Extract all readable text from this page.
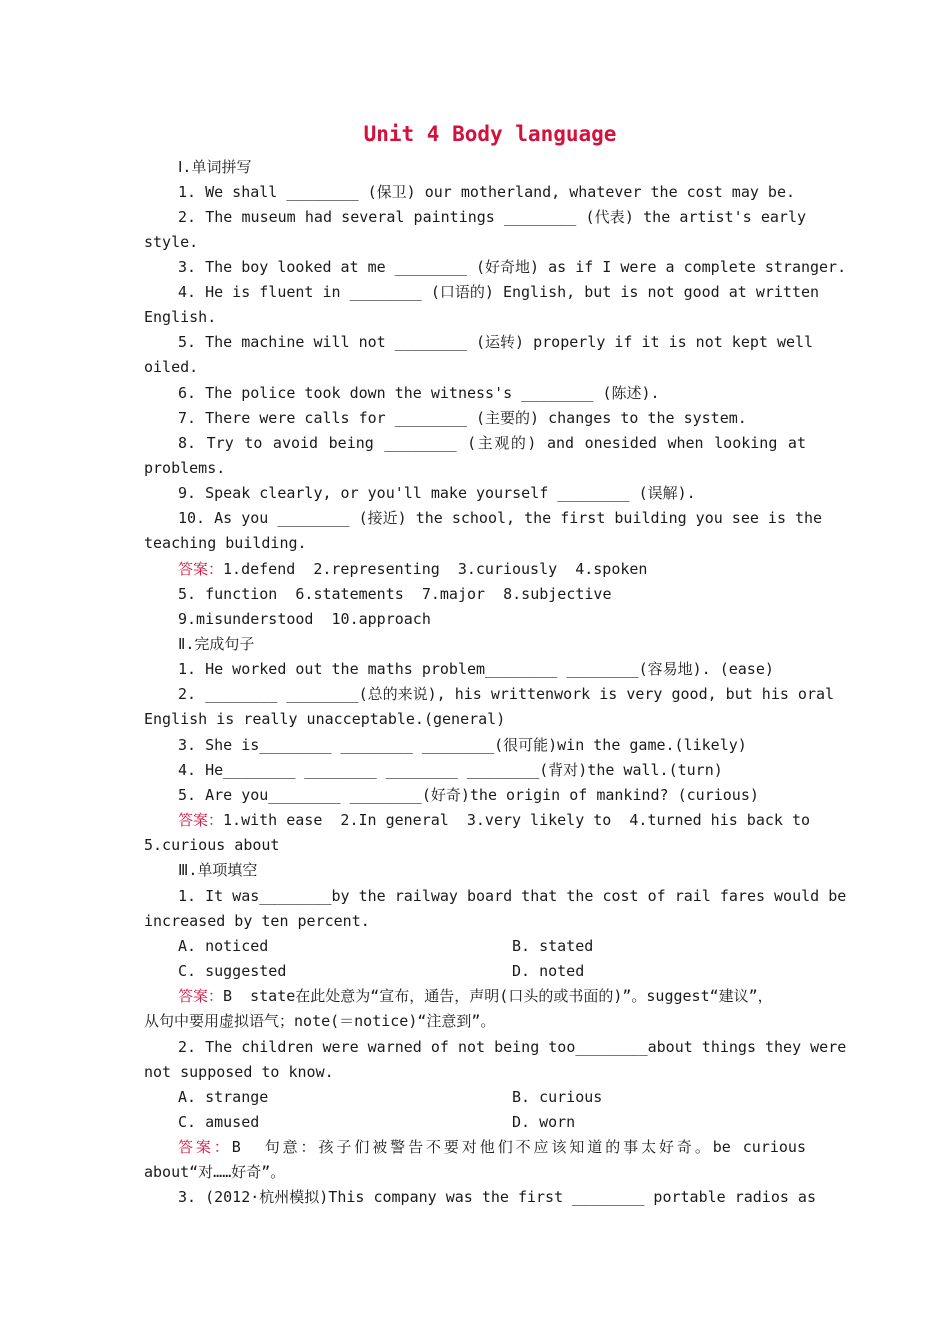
Unit 4 Body language
Ⅰ.单词拼写
1. We shall ________ (保卫) our motherland, whatever the cost may be.
2. The museum had several paintings ________ (代表) the artist's early
style.
3. The boy looked at me ________ (好奇地) as if I were a complete stranger.
4. He is fluent in ________ (口语的) English, but is not good at written
English.
5. The machine will not ________ (运转) properly if it is not kept well
oiled.
6. The police took down the witness's ________ (陈述).
7. There were calls for ________ (主要的) changes to the system.
8. Try to avoid being ________ (主观的) and onesided when looking at
problems.
9. Speak clearly, or you'll make yourself ________ (误解).
10. As you ________ (接近) the school, the first building you see is the
teaching building.
答案：1.defend  2.representing  3.curiously  4.spoken
5. function  6.statements  7.major  8.subjective
9.misunderstood  10.approach
Ⅱ.完成句子
1. He worked out the maths problem________ ________(容易地). (ease)
2. ________ ________(总的来说), his writtenwork is very good, but his oral
English is really unacceptable.(general)
3. She is________ ________ ________(很可能)win the game.(likely)
4. He________ ________ ________ ________(背对)the wall.(turn)
5. Are you________ ________(好奇)the origin of mankind? (curious)
答案：1.with ease  2.In general  3.very likely to  4.turned his back to
5.curious about
Ⅲ.单项填空
1. It was________by the railway board that the cost of rail fares would be
increased by ten percent.
A. noticed	B. stated
C. suggested	D. noted
答案：B  state在此处意为“宣布，通告，声明(口头的或书面的)”。suggest“建议”，
从句中要用虚拟语气；note(＝notice)“注意到”。
2. The children were warned of not being too________about things they were
not supposed to know.
A. strange	B. curious
C. amused	D. worn
答案：B  句意：孩子们被警告不要对他们不应该知道的事太好奇。be curious
about“对……好奇”。
3. (2012·杭州模拟)This company was the first ________ portable radios as
